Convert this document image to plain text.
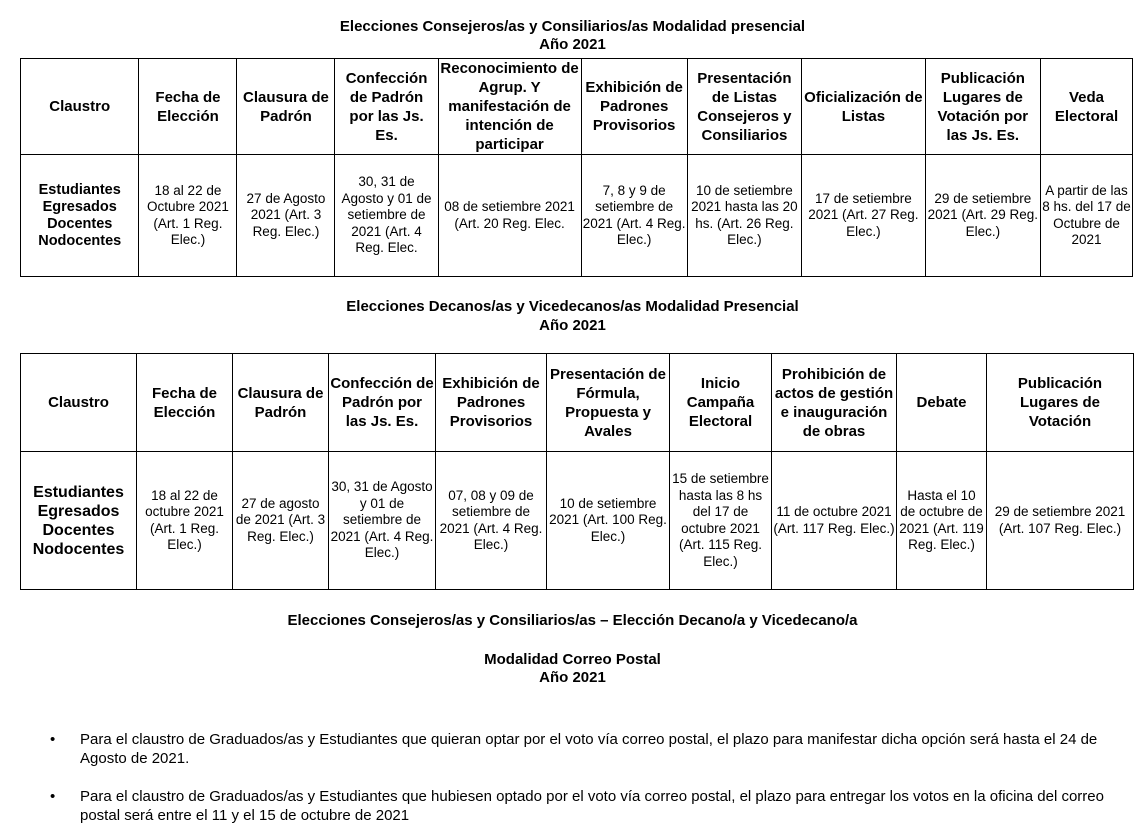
Elecciones Consejeros/as y Consiliarios/as Modalidad presencial

Año 2021

Claustro	Fecha de Elección	Clausura de Padrón	Confección de Padrón por las Js. Es.	Reconocimiento de Agrup. Y manifestación de intención de participar	Exhibición de Padrones Provisorios	Presentación de Listas Consejeros y Consiliarios	Oficialización de Listas	Publicación Lugares de Votación por las Js. Es.	Veda Electoral

Estudiantes
Egresados
Docentes
Nodocentes	18 al 22 de Octubre 2021 (Art. 1 Reg. Elec.)	27 de Agosto 2021 (Art. 3 Reg. Elec.)	30, 31 de Agosto y 01 de setiembre de 2021 (Art. 4 Reg. Elec.	08 de setiembre 2021 (Art. 20 Reg. Elec.	7, 8 y 9 de setiembre de 2021 (Art. 4 Reg. Elec.)	10 de setiembre 2021 hasta las 20 hs. (Art. 26 Reg. Elec.)	17 de setiembre 2021 (Art. 27 Reg. Elec.)	29 de setiembre 2021 (Art. 29 Reg. Elec.)	A partir de las 8 hs. del 17 de Octubre de 2021

Elecciones Decanos/as y Vicedecanos/as Modalidad Presencial

Año 2021

Claustro	Fecha de Elección	Clausura de Padrón	Confección de Padrón por las Js. Es.	Exhibición de Padrones Provisorios	Presentación de Fórmula, Propuesta y Avales	Inicio Campaña Electoral	Prohibición de actos de gestión e inauguración de obras	Debate	Publicación Lugares de Votación

Estudiantes
Egresados
Docentes
Nodocentes	18 al 22 de octubre 2021 (Art. 1 Reg. Elec.)	27 de agosto de 2021 (Art. 3 Reg. Elec.)	30, 31 de Agosto y 01 de setiembre de 2021 (Art. 4 Reg. Elec.)	07, 08 y 09 de setiembre de 2021 (Art. 4 Reg. Elec.)	10 de setiembre 2021 (Art. 100 Reg. Elec.)	15 de setiembre hasta las 8 hs del 17 de octubre 2021 (Art. 115 Reg. Elec.)	11 de octubre 2021 (Art. 117 Reg. Elec.)	Hasta el 10 de octubre de 2021 (Art. 119 Reg. Elec.)	29 de setiembre 2021 (Art. 107 Reg. Elec.)

Elecciones Consejeros/as y Consiliarios/as – Elección Decano/a y Vicedecano/a

Modalidad Correo Postal

Año 2021

• Para el claustro de Graduados/as y Estudiantes que quieran optar por el voto vía correo postal, el plazo para manifestar dicha opción será hasta el 24 de Agosto de 2021.
• Para el claustro de Graduados/as y Estudiantes que hubiesen optado por el voto vía correo postal, el plazo para entregar los votos en la oficina del correo postal será entre el 11 y el 15 de octubre de 2021
